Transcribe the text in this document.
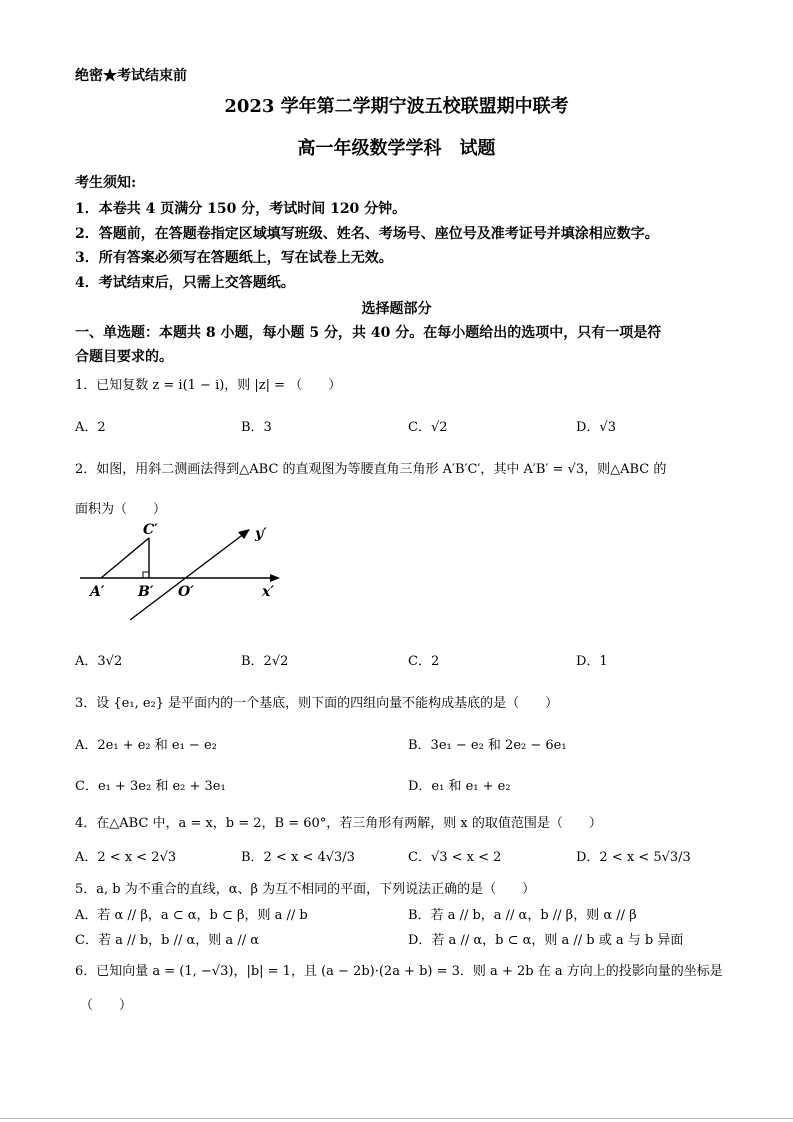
绝密★考试结束前
2023 学年第二学期宁波五校联盟期中联考
高一年级数学学科　试题
考生须知:
1．本卷共 4 页满分 150 分，考试时间 120 分钟。
2．答题前，在答题卷指定区域填写班级、姓名、考场号、座位号及准考证号并填涂相应数字。
3．所有答案必须写在答题纸上，写在试卷上无效。
4．考试结束后，只需上交答题纸。
选择题部分
一、单选题：本题共 8 小题，每小题 5 分，共 40 分。在每小题给出的选项中，只有一项是符
合题目要求的。
1．已知复数 z = i(1 − i)，则 |z| = （　　）
A．2	B．3	C．√2	D．√3
2．如图，用斜二测画法得到△ABC 的直观图为等腰直角三角形 A′B′C′，其中 A′B′ = √3，则△ABC 的
面积为（　　）
C′	y′
A′ B′ O′	x′
A．3√2	B．2√2	C．2	D．1
3．设 {e₁, e₂} 是平面内的一个基底，则下面的四组向量不能构成基底的是（　　）
A．2e₁ + e₂ 和 e₁ − e₂	B．3e₁ − e₂ 和 2e₂ − 6e₁
C．e₁ + 3e₂ 和 e₂ + 3e₁	D．e₁ 和 e₁ + e₂
4．在△ABC 中，a = x，b = 2，B = 60°，若三角形有两解，则 x 的取值范围是（　　）
A．2 < x < 2√3	B．2 < x < 4√3/3	C．√3 < x < 2	D．2 < x < 5√3/3
5．a, b 为不重合的直线，α、β 为互不相同的平面，下列说法正确的是（　　）
A．若 α // β，a ⊂ α，b ⊂ β，则 a // b	B．若 a // b，a // α，b // β，则 α // β
C．若 a // b，b // α，则 a // α	D．若 a // α，b ⊂ α，则 a // b 或 a 与 b 异面
6．已知向量 a = (1, −√3)，|b| = 1，且 (a − 2b)·(2a + b) = 3．则 a + 2b 在 a 方向上的投影向量的坐标是
（　　）
